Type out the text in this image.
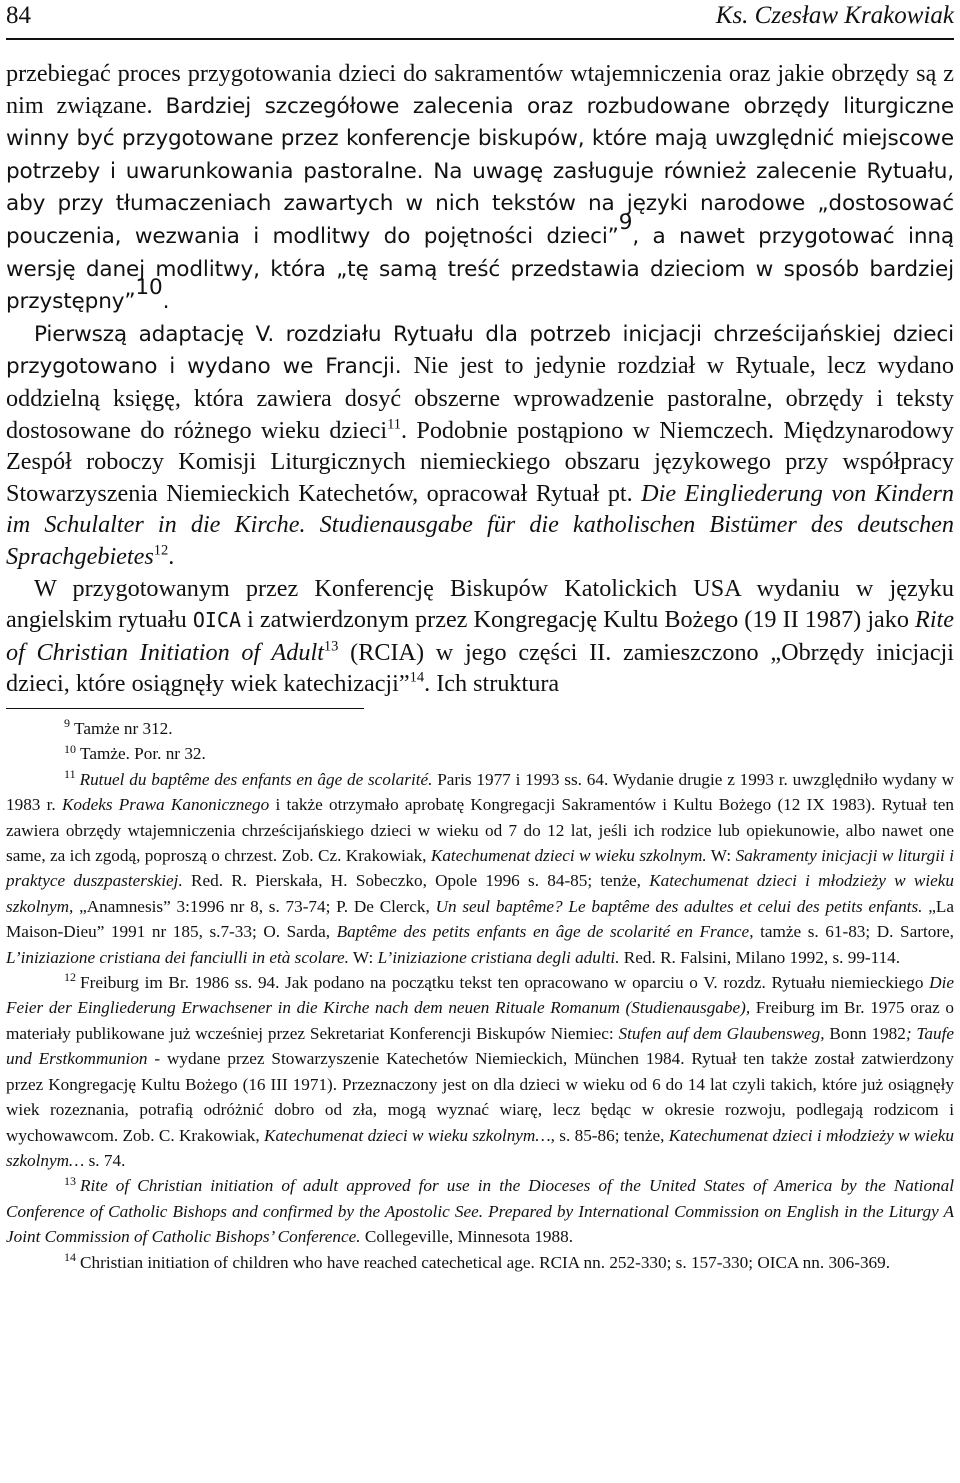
84	Ks. Czesław Krakowiak

przebiegać proces przygotowania dzieci do sakramentów wtajemniczenia oraz jakie obrzędy są z nim związane. Bardziej szczegółowe zalecenia oraz rozbudowane obrzędy liturgiczne winny być przygotowane przez konferencje biskupów, które mają uwzględnić miejscowe potrzeby i uwarunkowania pastoralne. Na uwagę zasługuje również zalecenie Rytuału, aby przy tłumaczeniach zawartych w nich tekstów na języki narodowe „dostosować pouczenia, wezwania i modlitwy do pojętności dzieci”$^9$, a nawet przygotować inną wersję danej modlitwy, która „tę samą treść przedstawia dzieciom w sposób bardziej przystępny”$^{10}$.

Pierwszą adaptację V. rozdziału Rytuału dla potrzeb inicjacji chrześcijańskiej dzieci przygotowano i wydano we Francji. Nie jest to jedynie rozdział w Rytuale, lecz wydano oddzielną księgę, która zawiera dosyć obszerne wprowadzenie pastoralne, obrzędy i teksty dostosowane do różnego wieku dzieci$^{11}$. Podobnie postąpiono w Niemczech. Międzynarodowy Zespół roboczy Komisji Liturgicznych niemieckiego obszaru językowego przy współpracy Stowarzyszenia Niemieckich Katechetów, opracował Rytuał pt. Die Eingliederung von Kindern im Schulalter in die Kirche. Studienausgabe für die katholischen Bistümer des deutschen Sprachgebietes$^{12}$.

W przygotowanym przez Konferencję Biskupów Katolickich USA wydaniu w języku angielskim rytuału OICA i zatwierdzonym przez Kongregację Kultu Bożego (19 II 1987) jako Rite of Christian Initiation of Adult$^{13}$ (RCIA) w jego części II. zamieszczono „Obrzędy inicjacji dzieci, które osiągnęły wiek katechizacji”$^{14}$. Ich struktura

$^9$ Tamże nr 312.

$^{10}$ Tamże. Por. nr 32.

$^{11}$ Rutuel du baptême des enfants en âge de scolarité. Paris 1977 i 1993 ss. 64. Wydanie drugie z 1993 r. uwzględniło wydany w 1983 r. Kodeks Prawa Kanonicznego i także otrzymało aprobatę Kongregacji Sakramentów i Kultu Bożego (12 IX 1983). Rytuał ten zawiera obrzędy wtajemniczenia chrześcijańskiego dzieci w wieku od 7 do 12 lat, jeśli ich rodzice lub opiekunowie, albo nawet one same, za ich zgodą, poproszą o chrzest. Zob. Cz. Krakowiak, Katechumenat dzieci w wieku szkolnym. W: Sakramenty inicjacji w liturgii i praktyce duszpasterskiej. Red. R. Pierskała, H. Sobeczko, Opole 1996 s. 84-85; tenże, Katechumenat dzieci i młodzieży w wieku szkolnym, „Anamnesis” 3:1996 nr 8, s. 73-74; P. De Clerck, Un seul baptême? Le baptême des adultes et celui des petits enfants. „La Maison-Dieu” 1991 nr 185, s.7-33; O. Sarda, Baptême des petits enfants en âge de scolarité en France, tamże s. 61-83; D. Sartore, L’iniziazione cristiana dei fanciulli in età scolare. W: L’iniziazione cristiana degli adulti. Red. R. Falsini, Milano 1992, s. 99-114.

$^{12}$ Freiburg im Br. 1986 ss. 94. Jak podano na początku tekst ten opracowano w oparciu o V. rozdz. Rytuału niemieckiego Die Feier der Eingliederung Erwachsener in die Kirche nach dem neuen Rituale Romanum (Studienausgabe), Freiburg im Br. 1975 oraz o materiały publikowane już wcześniej przez Sekretariat Konferencji Biskupów Niemiec: Stufen auf dem Glaubensweg, Bonn 1982; Taufe und Erstkommunion - wydane przez Stowarzyszenie Katechetów Niemieckich, München 1984. Rytuał ten także został zatwierdzony przez Kongregację Kultu Bożego (16 III 1971). Przeznaczony jest on dla dzieci w wieku od 6 do 14 lat czyli takich, które już osiągnęły wiek rozeznania, potrafią odróżnić dobro od zła, mogą wyznać wiarę, lecz będąc w okresie rozwoju, podlegają rodzicom i wychowawcom. Zob. C. Krakowiak, Katechumenat dzieci w wieku szkolnym…, s. 85-86; tenże, Katechumenat dzieci i młodzieży w wieku szkolnym… s. 74.

$^{13}$ Rite of Christian initiation of adult approved for use in the Dioceses of the United States of America by the National Conference of Catholic Bishops and confirmed by the Apostolic See. Prepared by International Commission on English in the Liturgy A Joint Commission of Catholic Bishops’ Conference. Collegeville, Minnesota 1988.

$^{14}$ Christian initiation of children who have reached catechetical age. RCIA nn. 252-330; s. 157-330; OICA nn. 306-369.
